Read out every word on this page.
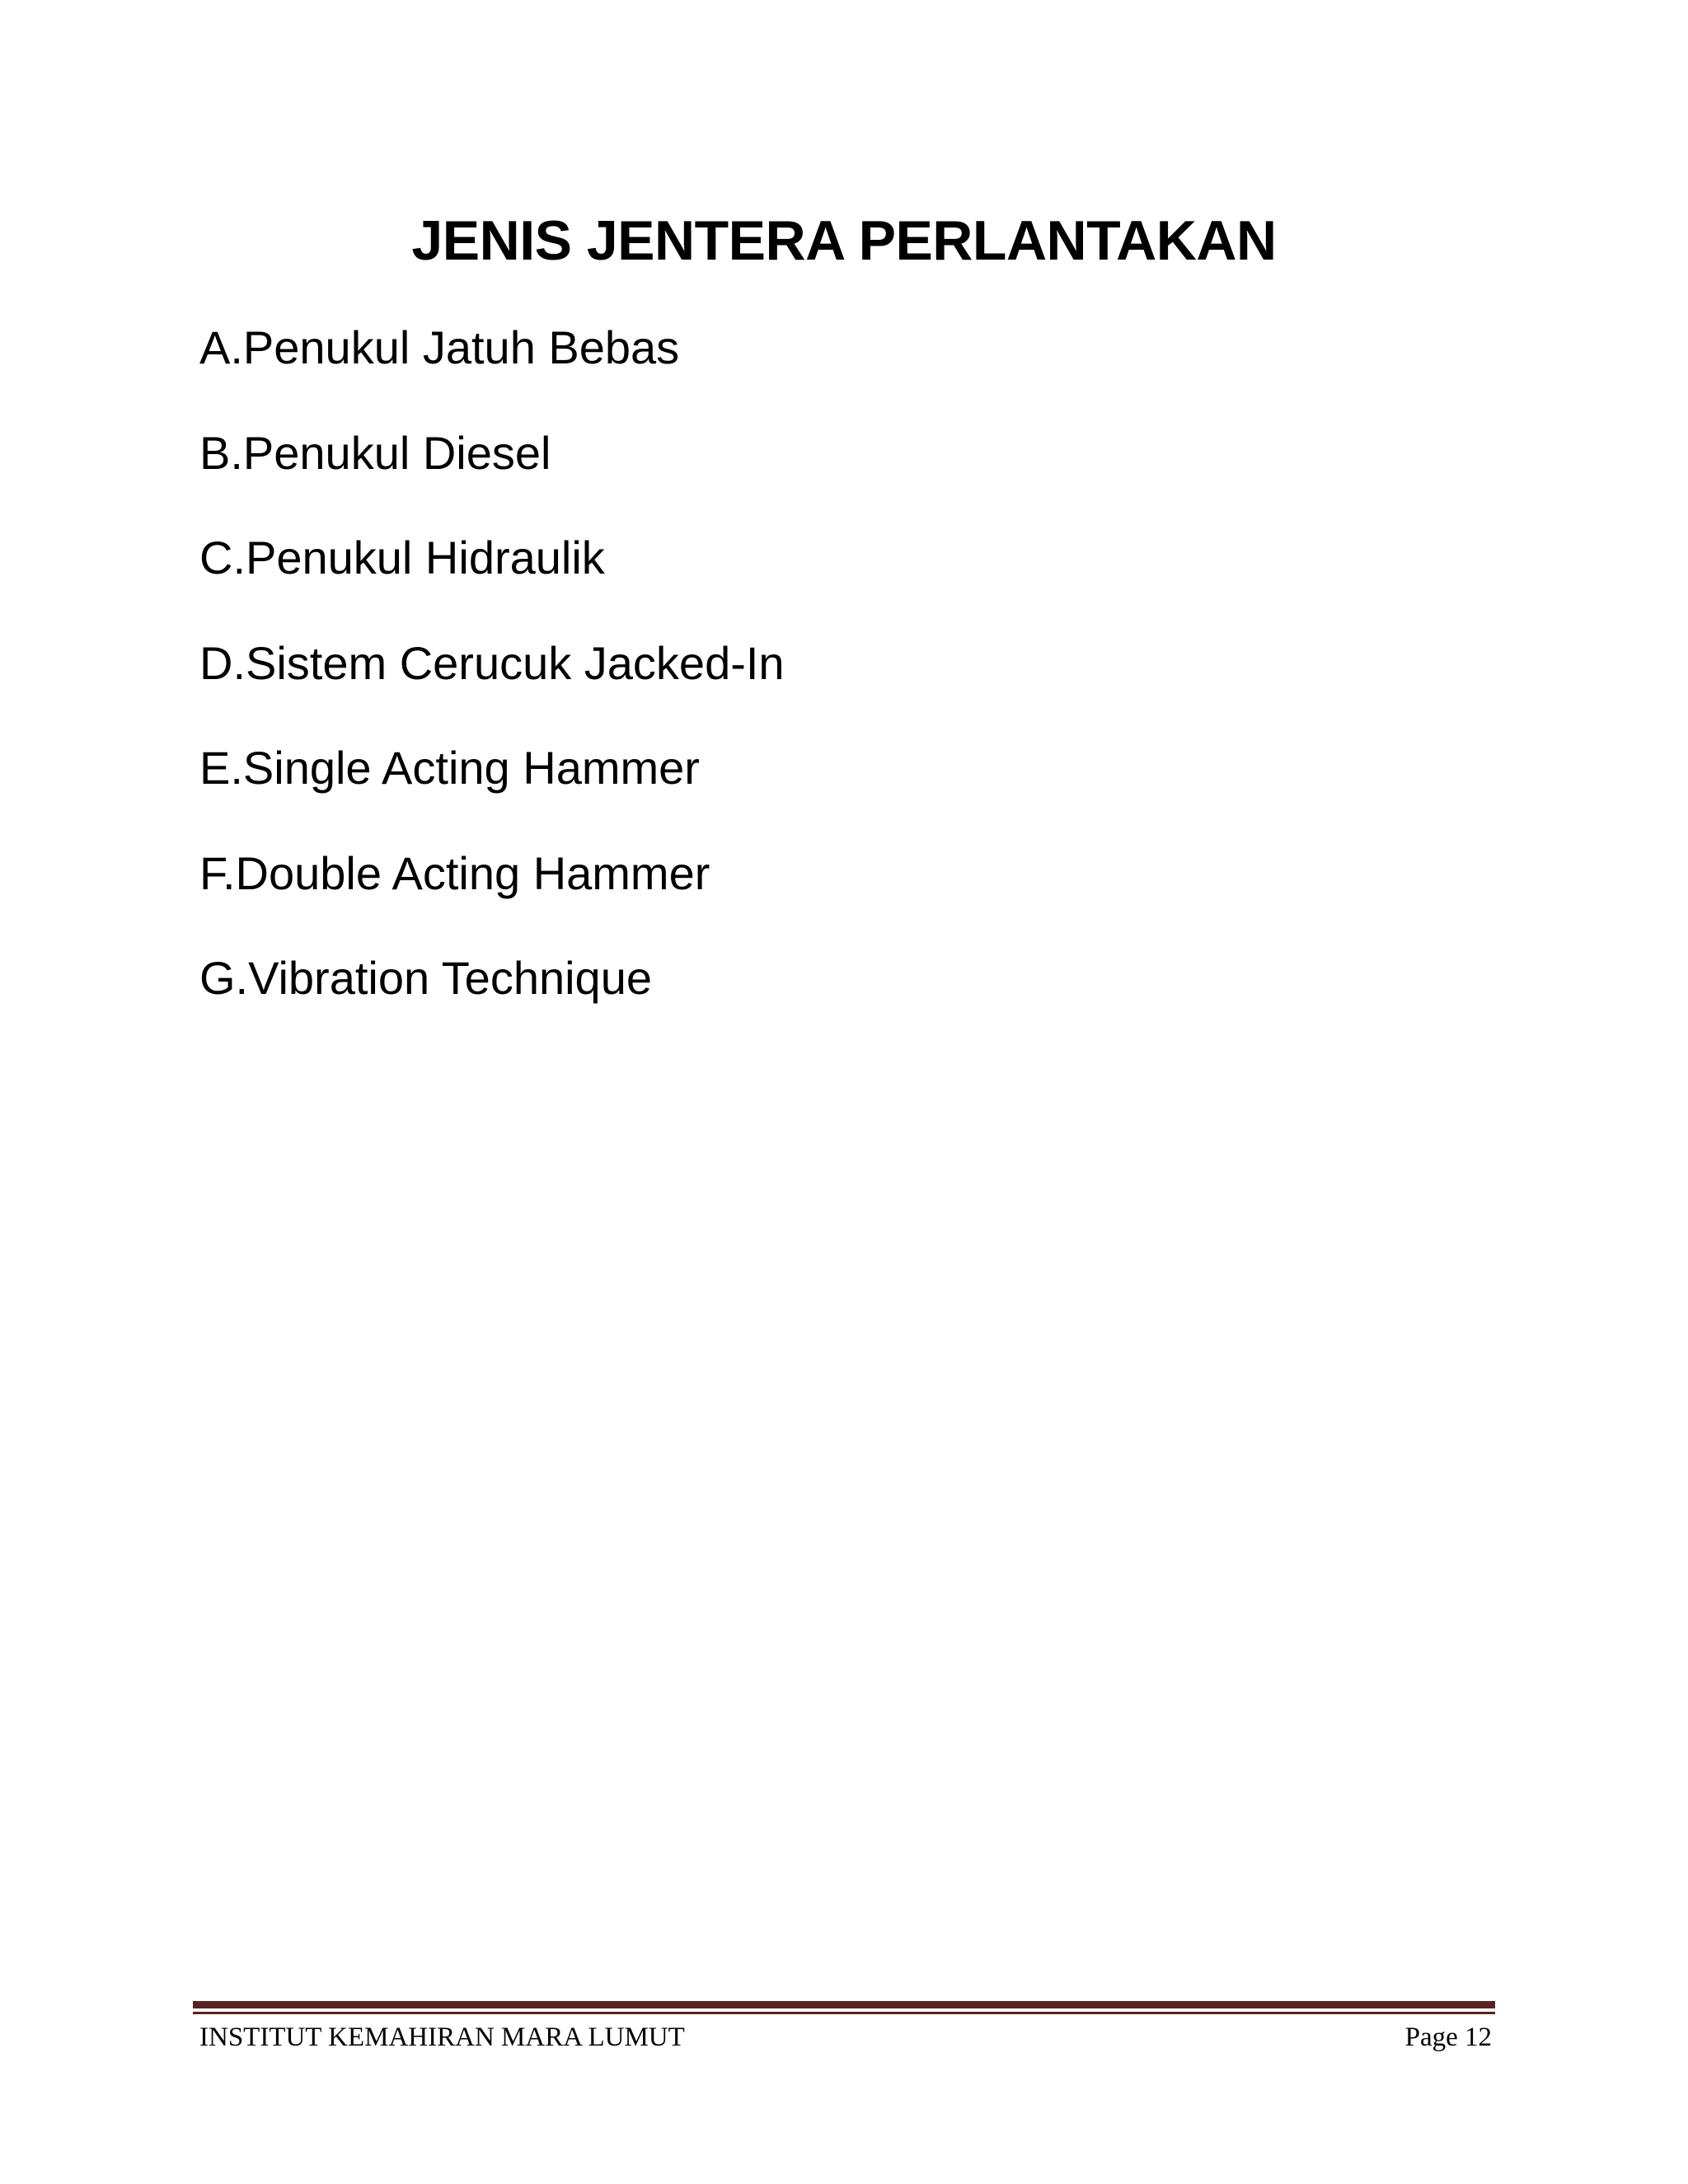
JENIS JENTERA PERLANTAKAN
A.Penukul Jatuh Bebas
B.Penukul Diesel
C.Penukul Hidraulik
D.Sistem Cerucuk Jacked-In
E.Single Acting Hammer
F.Double Acting Hammer
G.Vibration Technique
INSTITUT KEMAHIRAN MARA LUMUT	Page 12
